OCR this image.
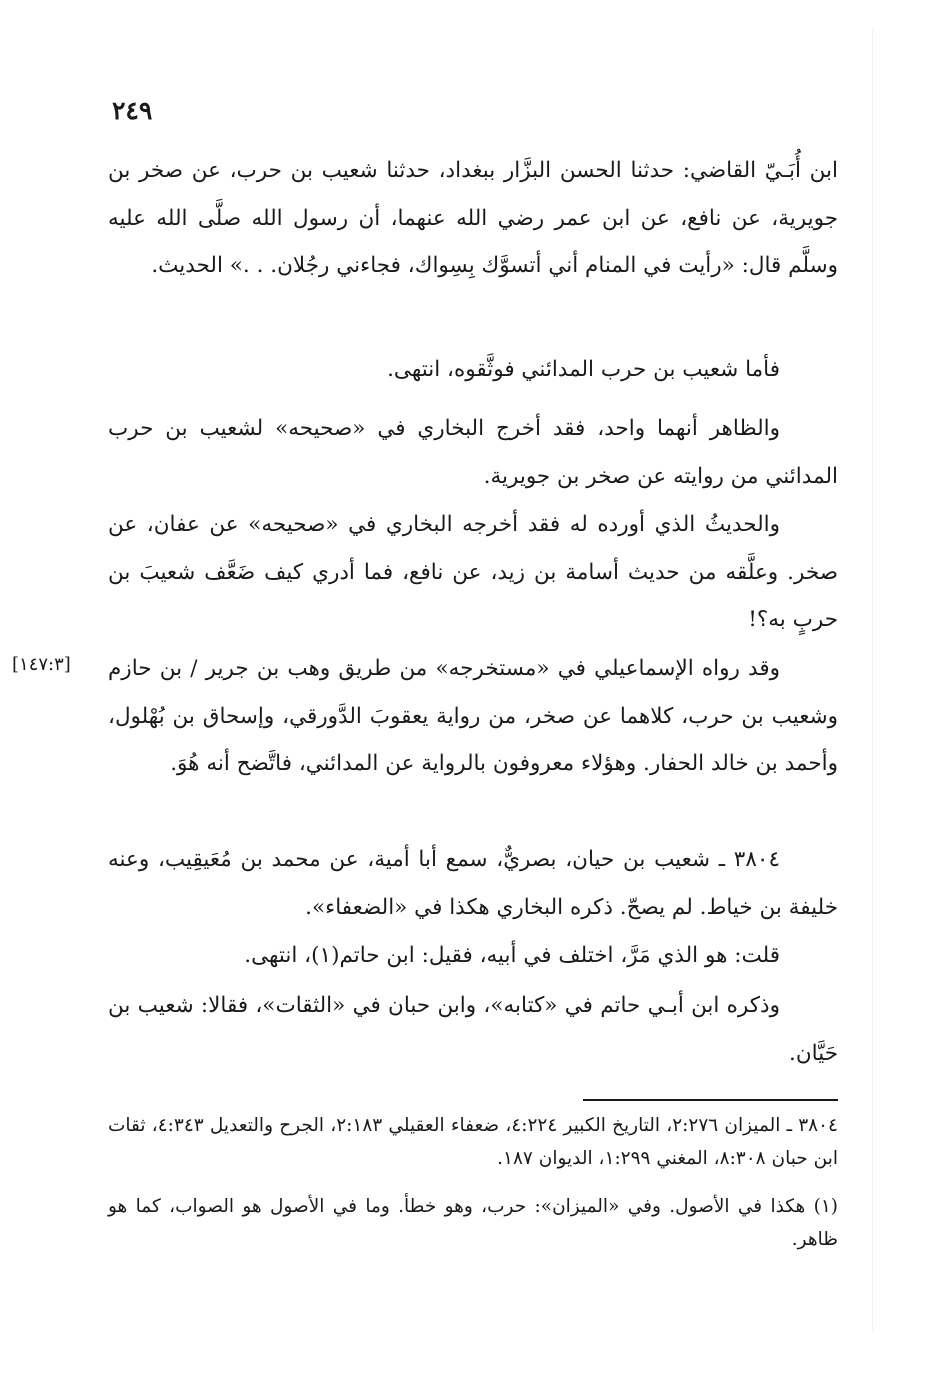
٢٤٩

ابن أُبَـيّ القاضي: حدثنا الحسن البزَّار ببغداد، حدثنا شعيب بن حرب، عن صخر بن جويرية، عن نافع، عن ابن عمر رضي الله عنهما، أن رسول الله صلَّى الله عليه وسلَّم قال: «رأيت في المنام أني أتسوَّك بِسِواك، فجاءني رجُلان. . .» الحديث.

فأما شعيب بن حرب المدائني فوثَّقوه، انتهى.

والظاهر أنهما واحد، فقد أخرج البخاري في «صحيحه» لشعيب بن حرب المدائني من روايته عن صخر بن جويرية.

والحديثُ الذي أورده له فقد أخرجه البخاري في «صحيحه» عن عفان، عن صخر. وعلَّقه من حديث أسامة بن زيد، عن نافع، فما أدري كيف ضَعَّف شعيبَ بن حربٍ به؟!

[١٤٧:٣] وقد رواه الإسماعيلي في «مستخرجه» من طريق وهب بن جرير / بن حازم وشعيب بن حرب، كلاهما عن صخر، من رواية يعقوبَ الدَّورقي، وإسحاق بن بُهْلول، وأحمد بن خالد الحفار. وهؤلاء معروفون بالرواية عن المدائني، فاتَّضح أنه هُوَ.

٣٨٠٤ ـ شعيب بن حيان، بصريٌّ، سمع أبا أمية، عن محمد بن مُعَيقِيب، وعنه خليفة بن خياط. لم يصحّ. ذكره البخاري هكذا في «الضعفاء».

قلت: هو الذي مَرَّ، اختلف في أبيه، فقيل: ابن حاتم(١)، انتهى.

وذكره ابن أبـي حاتم في «كتابه»، وابن حبان في «الثقات»، فقالا: شعيب بن حَيَّان.

٣٨٠٤ ـ الميزان ٢:٢٧٦، التاريخ الكبير ٤:٢٢٤، ضعفاء العقيلي ٢:١٨٣، الجرح والتعديل ٤:٣٤٣، ثقات ابن حبان ٨:٣٠٨، المغني ١:٢٩٩، الديوان ١٨٧.

(١) هكذا في الأصول. وفي «الميزان»: حرب، وهو خطأ. وما في الأصول هو الصواب، كما هو ظاهر.
